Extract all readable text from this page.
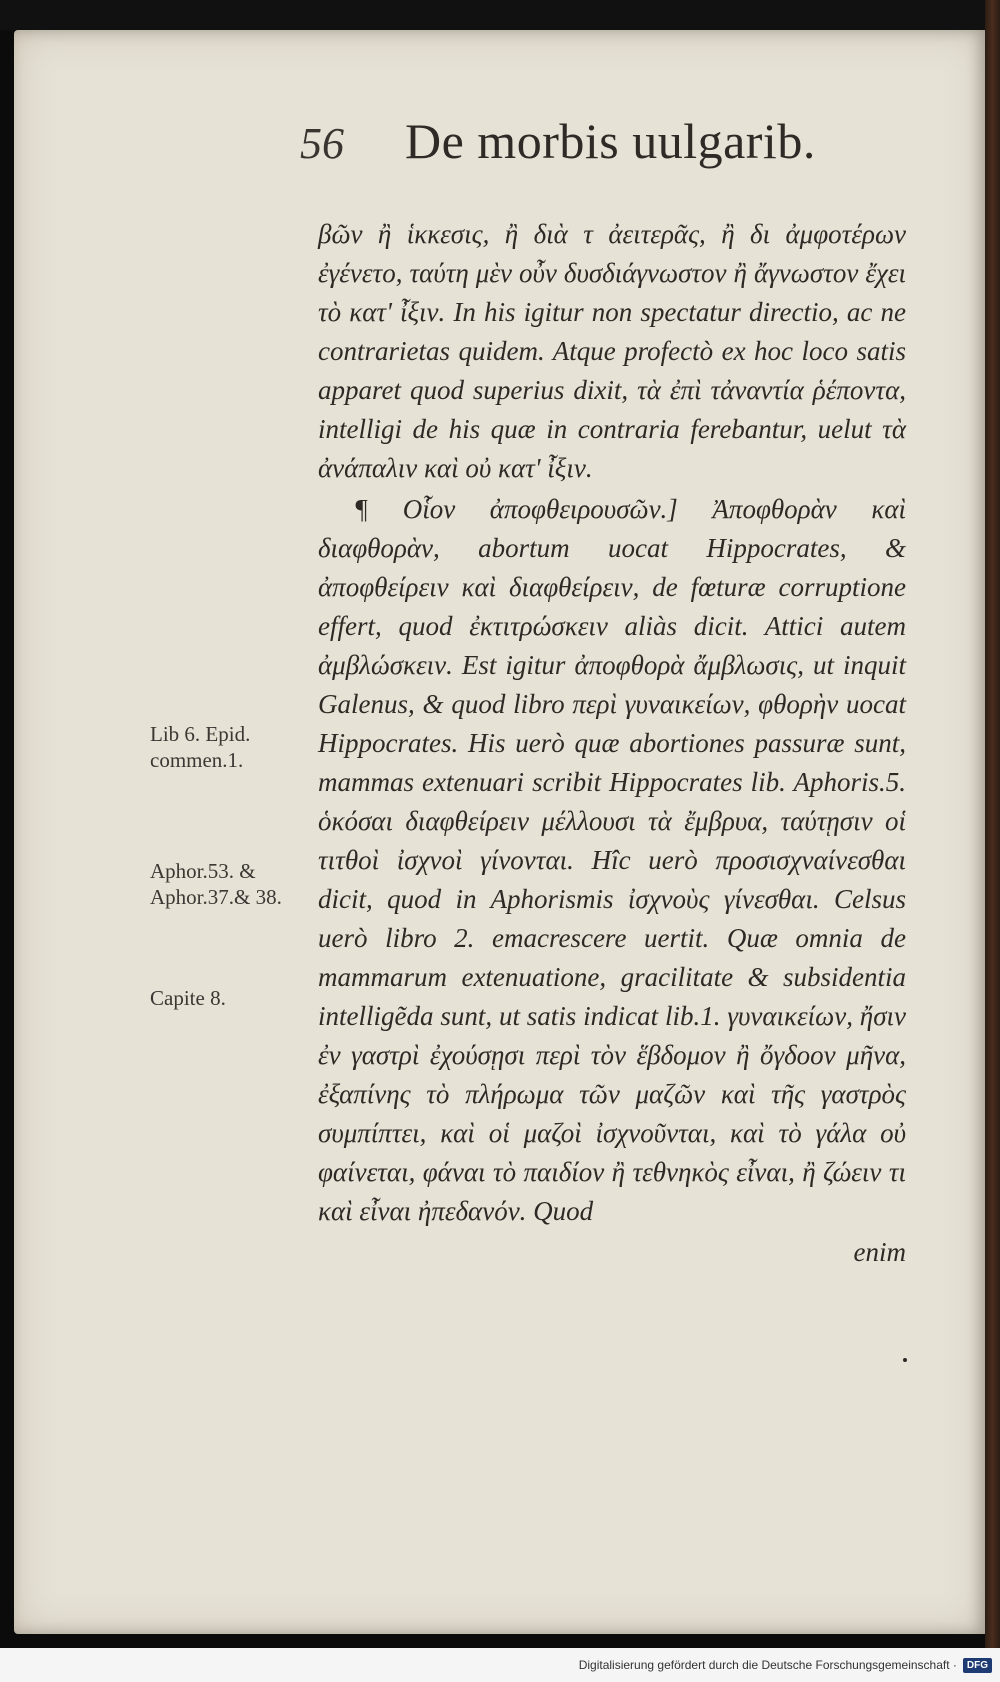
56	De morbis uulgarib.

βῶν ἢ ἱκκεσις, ἢ διὰ τ ἀειτερᾶς, ἢ δι ἀμφοτέρων ἐγένετο, ταύτη μὲν οὖν δυσδιάγνωστον ἢ ἄγνωστον ἔχει τὸ κατ' ἶξιν. In his igitur non spectatur directio, ac ne contrarietas quidem. Atque profectò ex hoc loco satis apparet quod superius dixit, τὰ ἐπὶ τἀναντία ῥέποντα, intelligi de his quæ in contraria ferebantur, uelut τὰ ἀνάπαλιν καὶ οὐ κατ' ἶξιν.

¶ Οἷον ἀποφθειρουσῶν.] Ἀποφθορὰν καὶ διαφθορὰν, abortum uocat Hippocrates, & ἀποφθείρειν καὶ διαφθείρειν, de fœturæ corruptione effert, quod ἐκτιτρώσκειν aliàs dicit. Attici autem ἀμβλώσκειν. Est igitur ἀποφθορὰ ἄμβλωσις, ut inquit Galenus, & quod libro περὶ γυναικείων, φθορὴν uocat Hippocrates. His uerò quæ abortiones passuræ sunt, mammas extenuari scribit Hippocrates lib. Aphoris.5. ὁκόσαι διαφθείρειν μέλλουσι τὰ ἔμβρυα, ταύτῃσιν οἱ τιτθοὶ ἰσχνοὶ γίνονται. Hîc uerò προσισχναίνεσθαι dicit, quod in Aphorismis ἰσχνοὺς γίνεσθαι. Celsus uerò libro 2. emacrescere uertit. Quæ omnia de mammarum extenuatione, gracilitate & subsidentia intelligẽda sunt, ut satis indicat lib.1. γυναικείων, ἤσιν ἐν γαστρὶ ἐχούσῃσι περὶ τὸν ἕβδομον ἢ ὄγδοον μῆνα, ἐξαπίνης τὸ πλήρωμα τῶν μαζῶν καὶ τῆς γαστρὸς συμπίπτει, καὶ οἱ μαζοὶ ἰσχνοῦνται, καὶ τὸ γάλα οὐ φαίνεται, φάναι τὸ παιδίον ἢ τεθνηκὸς εἶναι, ἢ ζώειν τι καὶ εἶναι ἠπεδανόν. Quod

enim

Lib 6. Epid. commen.1.
Aphor.53. & Aphor.37.& 38.
Capite 8.
Digitalisierung gefördert durch die Deutsche Forschungsgemeinschaft ·	DFG
